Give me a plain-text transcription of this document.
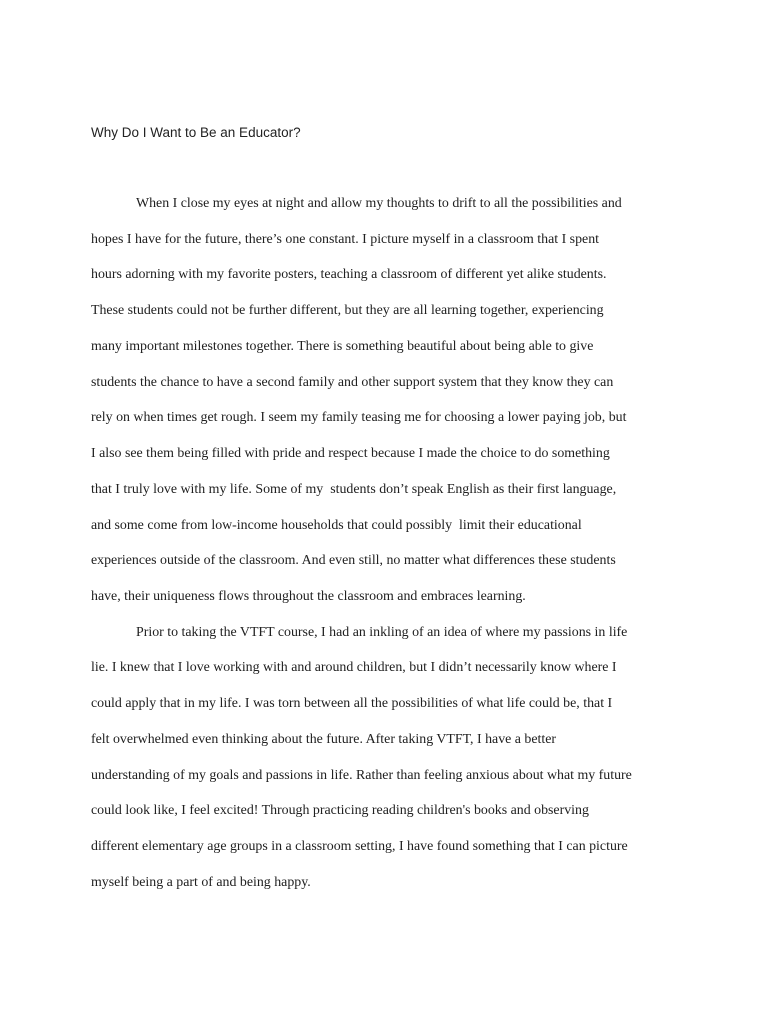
Why Do I Want to Be an Educator?

When I close my eyes at night and allow my thoughts to drift to all the possibilities and

hopes I have for the future, there’s one constant. I picture myself in a classroom that I spent

hours adorning with my favorite posters, teaching a classroom of different yet alike students.

These students could not be further different, but they are all learning together, experiencing

many important milestones together. There is something beautiful about being able to give

students the chance to have a second family and other support system that they know they can

rely on when times get rough. I seem my family teasing me for choosing a lower paying job, but

I also see them being filled with pride and respect because I made the choice to do something

that I truly love with my life. Some of my  students don’t speak English as their first language,

and some come from low-income households that could possibly  limit their educational

experiences outside of the classroom. And even still, no matter what differences these students

have, their uniqueness flows throughout the classroom and embraces learning.

Prior to taking the VTFT course, I had an inkling of an idea of where my passions in life

lie. I knew that I love working with and around children, but I didn’t necessarily know where I

could apply that in my life. I was torn between all the possibilities of what life could be, that I

felt overwhelmed even thinking about the future. After taking VTFT, I have a better

understanding of my goals and passions in life. Rather than feeling anxious about what my future

could look like, I feel excited! Through practicing reading children's books and observing

different elementary age groups in a classroom setting, I have found something that I can picture

myself being a part of and being happy.
